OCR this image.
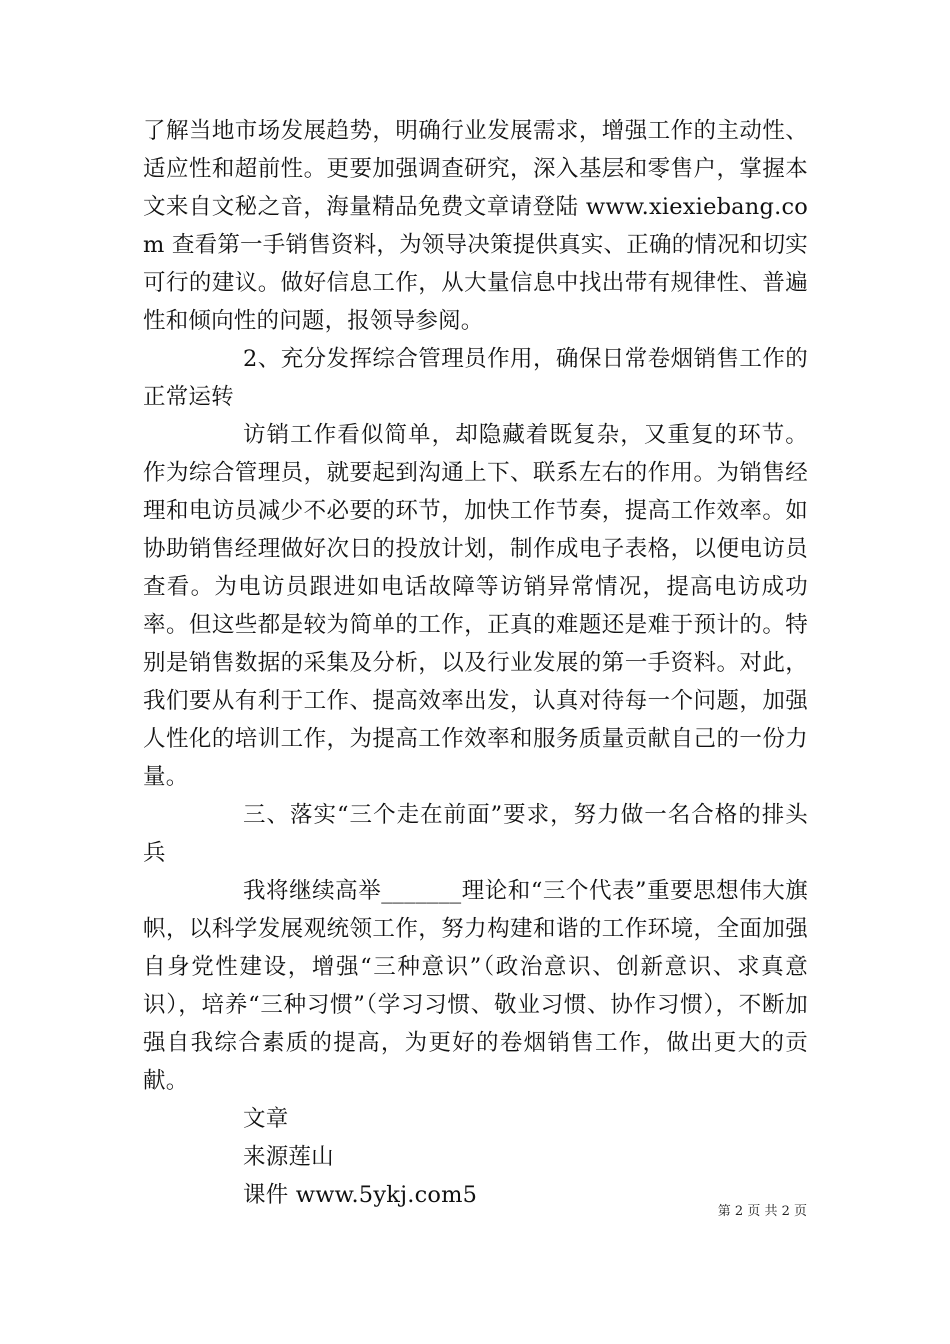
了解当地市场发展趋势，明确行业发展需求，增强工作的主动性、适应性和超前性。更要加强调查研究，深入基层和零售户，掌握本文来自文秘之音，海量精品免费文章请登陆 www.xiexiebang.com 查看第一手销售资料，为领导决策提供真实、正确的情况和切实可行的建议。做好信息工作，从大量信息中找出带有规律性、普遍性和倾向性的问题，报领导参阅。

2、充分发挥综合管理员作用，确保日常卷烟销售工作的正常运转

访销工作看似简单，却隐藏着既复杂，又重复的环节。作为综合管理员，就要起到沟通上下、联系左右的作用。为销售经理和电访员减少不必要的环节，加快工作节奏，提高工作效率。如协助销售经理做好次日的投放计划，制作成电子表格，以便电访员查看。为电访员跟进如电话故障等访销异常情况，提高电访成功率。但这些都是较为简单的工作，正真的难题还是难于预计的。特别是销售数据的采集及分析，以及行业发展的第一手资料。对此，我们要从有利于工作、提高效率出发，认真对待每一个问题，加强人性化的培训工作，为提高工作效率和服务质量贡献自己的一份力量。

三、落实“三个走在前面”要求，努力做一名合格的排头兵

我将继续高举_______理论和“三个代表”重要思想伟大旗帜，以科学发展观统领工作，努力构建和谐的工作环境，全面加强自身党性建设，增强“三种意识”（政治意识、创新意识、求真意识），培养“三种习惯”（学习习惯、敬业习惯、协作习惯），不断加强自我综合素质的提高，为更好的卷烟销售工作，做出更大的贡献。

文章

来源莲山

课件 www.5ykj.com5

第 2 页 共 2 页
